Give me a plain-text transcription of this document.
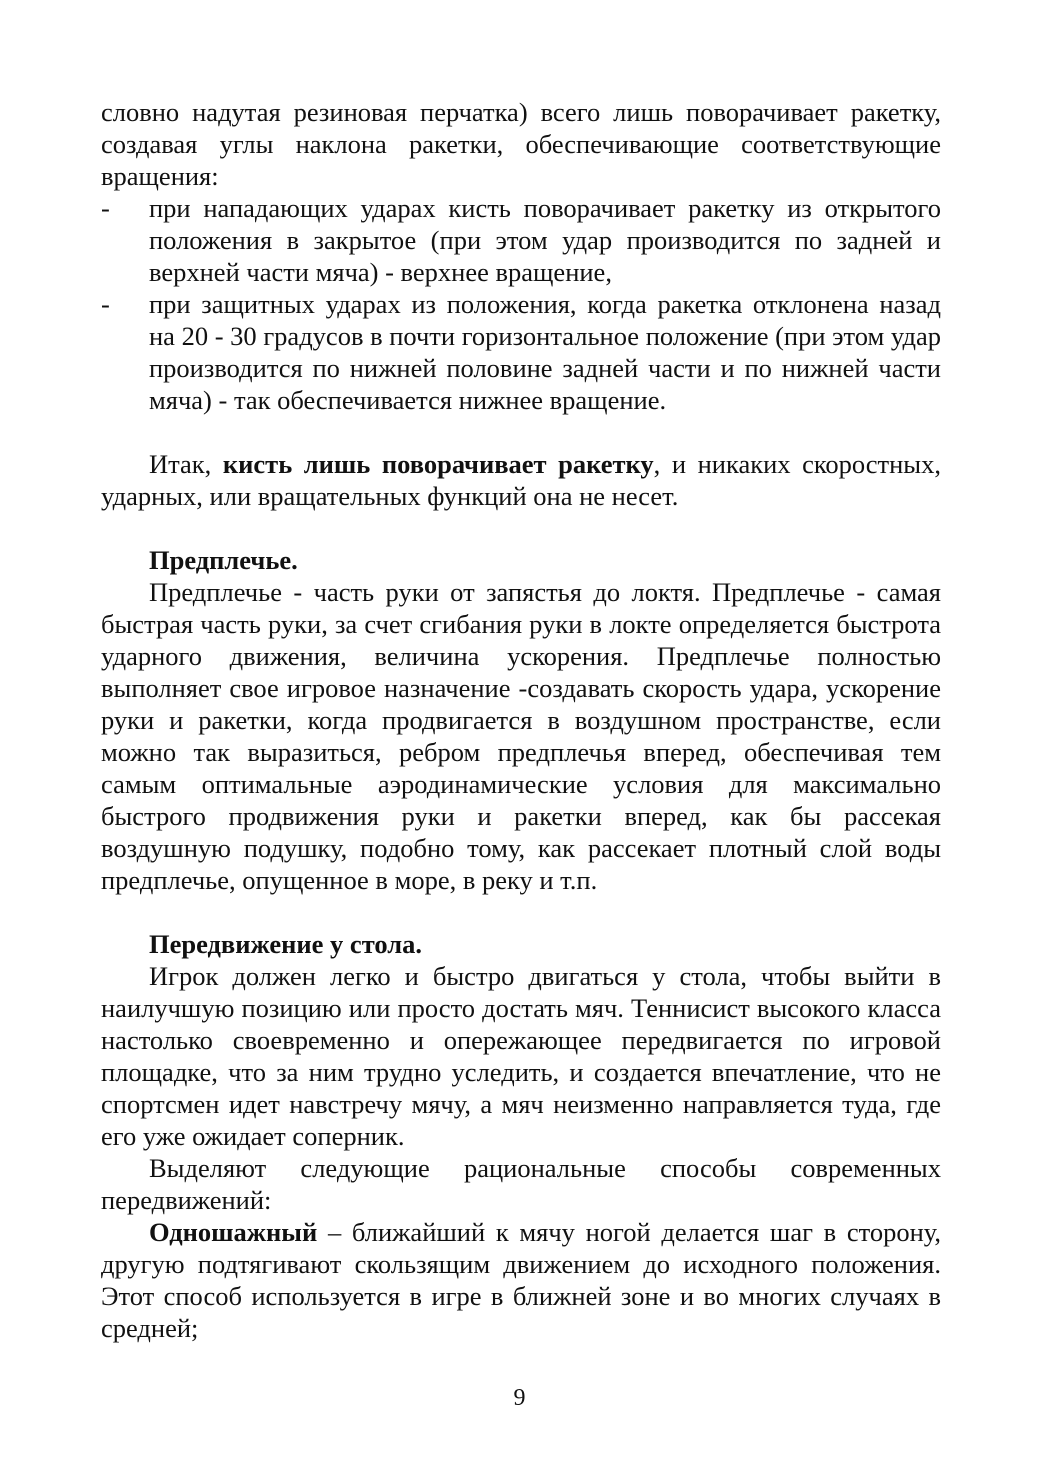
словно надутая резиновая перчатка) всего лишь поворачивает ракетку, создавая углы наклона ракетки, обеспечивающие соответствующие вращения:

- при нападающих ударах кисть поворачивает ракетку из открытого положения в закрытое (при этом удар производится по задней и верхней части мяча) - верхнее вращение,
- при защитных ударах из положения, когда ракетка отклонена назад на 20 - 30 градусов в почти горизонтальное положение (при этом удар производится по нижней половине задней части и по нижней части мяча) - так обеспечивается нижнее вращение.

Итак, кисть лишь поворачивает ракетку, и никаких скоростных, ударных, или вращательных функций она не несет.

Предплечье.

Предплечье - часть руки от запястья до локтя. Предплечье - самая быстрая часть руки, за счет сгибания руки в локте определяется быстрота ударного движения, величина ускорения. Предплечье полностью выполняет свое игровое назначение -создавать скорость удара, ускорение руки и ракетки, когда продвигается в воздушном пространстве, если можно так выразиться, ребром предплечья вперед, обеспечивая тем самым оптимальные аэродинамические условия для максимально быстрого продвижения руки и ракетки вперед, как бы рассекая воздушную подушку, подобно тому, как рассекает плотный слой воды предплечье, опущенное в море, в реку и т.п.

Передвижение у стола.

Игрок должен легко и быстро двигаться у стола, чтобы выйти в наилучшую позицию или просто достать мяч. Теннисист высокого класса настолько своевременно и опережающее передвигается по игровой площадке, что за ним трудно уследить, и создается впечатление, что не спортсмен идет навстречу мячу, а мяч неизменно направляется туда, где его уже ожидает соперник.

Выделяют следующие рациональные способы современных передвижений:

Одношажный – ближайший к мячу ногой делается шаг в сторону, другую подтягивают скользящим движением до исходного положения. Этот способ используется в игре в ближней зоне и во многих случаях в средней;

9
